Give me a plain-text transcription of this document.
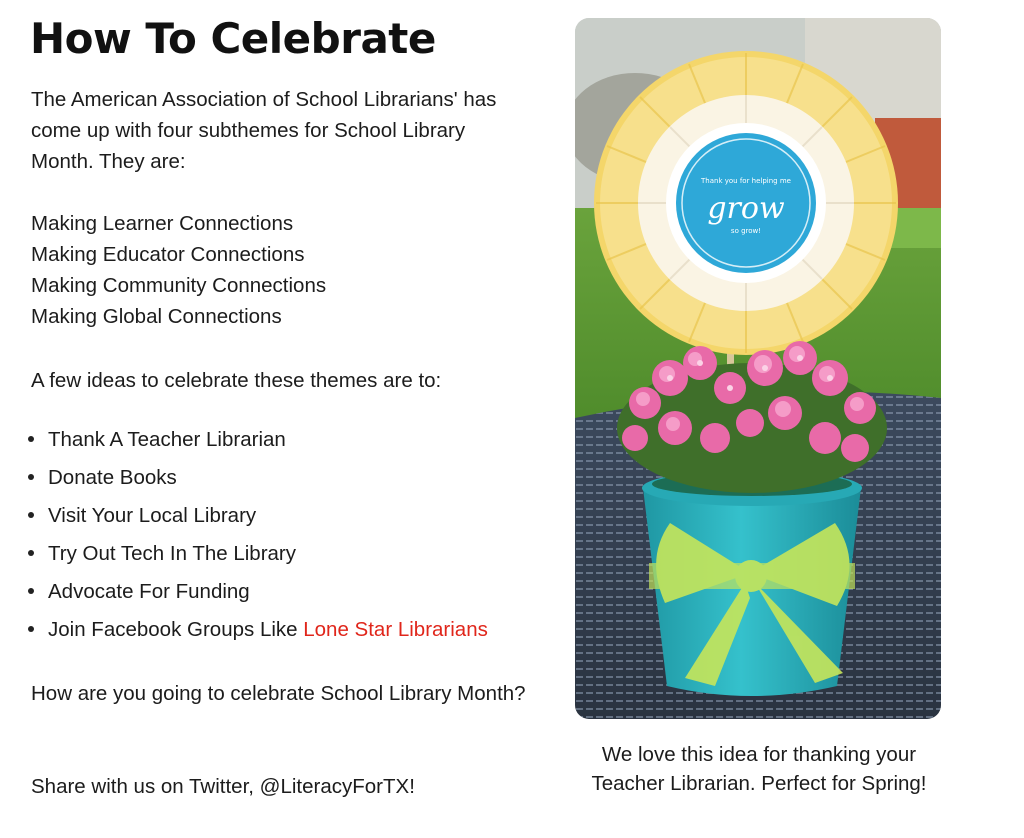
How To Celebrate

The American Association of School Librarians' has come up with four subthemes for School Library Month. They are:

Making Learner Connections
Making Educator Connections
Making Community Connections
Making Global Connections

A few ideas to celebrate these themes are to:

Thank A Teacher Librarian
Donate Books
Visit Your Local Library
Try Out Tech In The Library
Advocate For Funding
Join Facebook Groups Like Lone Star Librarians

How are you going to celebrate School Library Month?

Share with us on Twitter, @LiteracyForTX!

Thank you for helping me
grow
so grow!

We love this idea for thanking your Teacher Librarian. Perfect for Spring!
